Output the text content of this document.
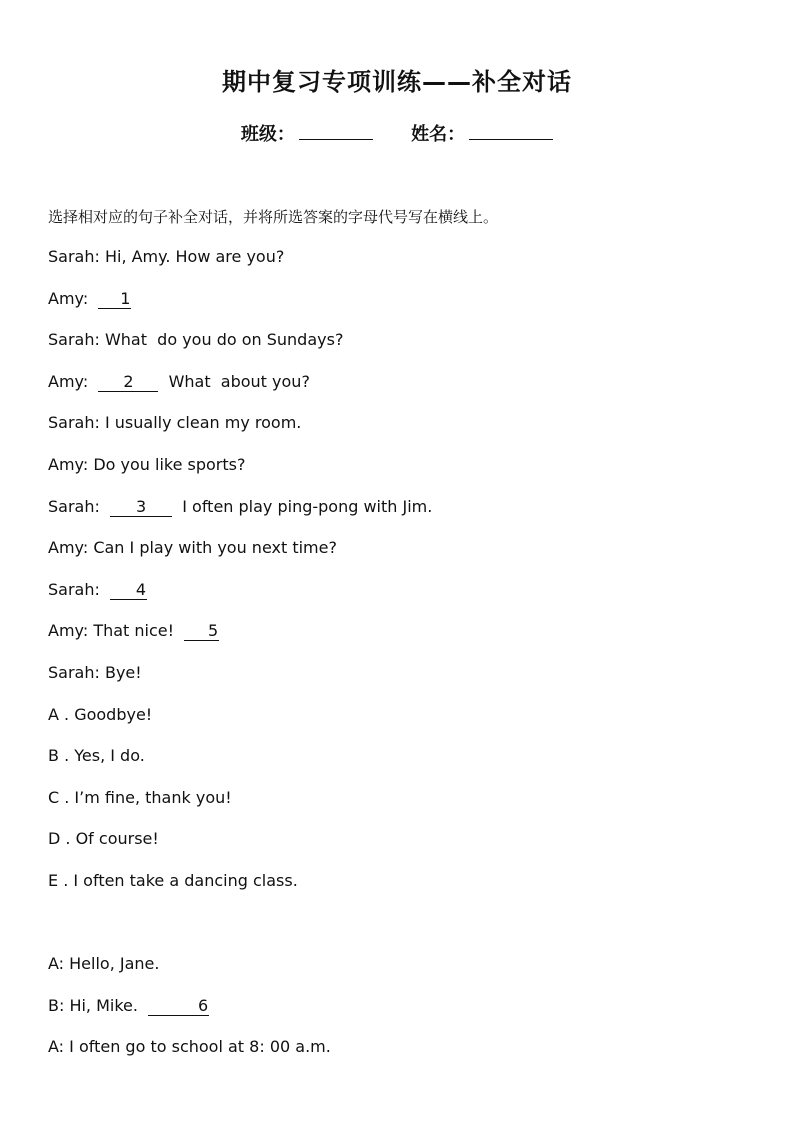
期中复习专项训练——补全对话
班级：	姓名：
选择相对应的句子补全对话，并将所选答案的字母代号写在横线上。
Sarah: Hi, Amy. How are you?
Amy:  1
Sarah: What  do you do on Sundays?
Amy:  2  What  about you?
Sarah: I usually clean my room.
Amy: Do you like sports?
Sarah:  3  I often play ping-pong with Jim.
Amy: Can I play with you next time?
Sarah:  4
Amy: That nice!  5
Sarah: Bye!
A . Goodbye!
B . Yes, I do.
C . I’m fine, thank you!
D . Of course!
E . I often take a dancing class.
A: Hello, Jane.
B: Hi, Mike.	6
A: I often go to school at 8: 00 a.m.
